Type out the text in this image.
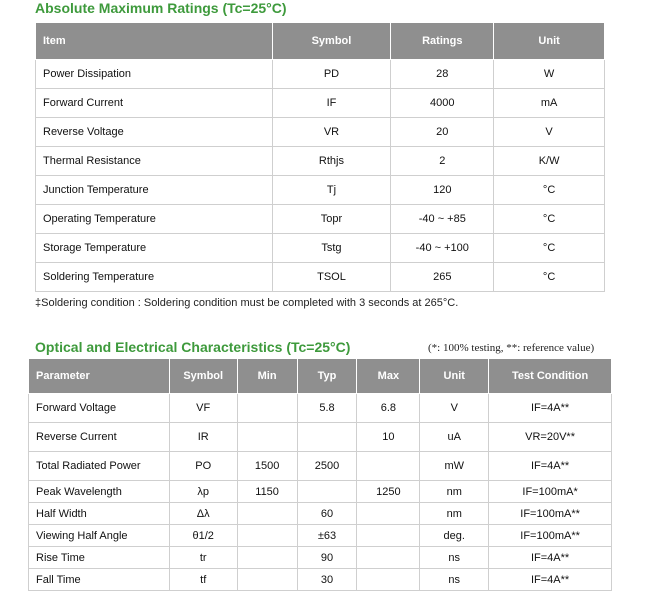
Absolute Maximum Ratings (Tc=25°C)
Item	Symbol	Ratings	Unit
Power Dissipation	PD	28	W
Forward Current	IF	4000	mA
Reverse Voltage	VR	20	V
Thermal Resistance	Rthjs	2	K/W
Junction Temperature	Tj	120	°C
Operating Temperature	Topr	-40 ~ +85	°C
Storage Temperature	Tstg	-40 ~ +100	°C
Soldering Temperature	TSOL	265	°C
‡Soldering condition : Soldering condition must be completed with 3 seconds at 265°C.
Optical and Electrical Characteristics (Tc=25°C)	(*: 100% testing, **: reference value)
Parameter	Symbol	Min	Typ	Max	Unit	Test Condition
Forward Voltage	VF		5.8	6.8	V	IF=4A**
Reverse Current	IR			10	uA	VR=20V**
Total Radiated Power	PO	1500	2500		mW	IF=4A**
Peak Wavelength	λp	1150		1250	nm	IF=100mA*
Half Width	Δλ		60		nm	IF=100mA**
Viewing Half Angle	θ1/2		±63		deg.	IF=100mA**
Rise Time	tr		90		ns	IF=4A**
Fall Time	tf		30		ns	IF=4A**
